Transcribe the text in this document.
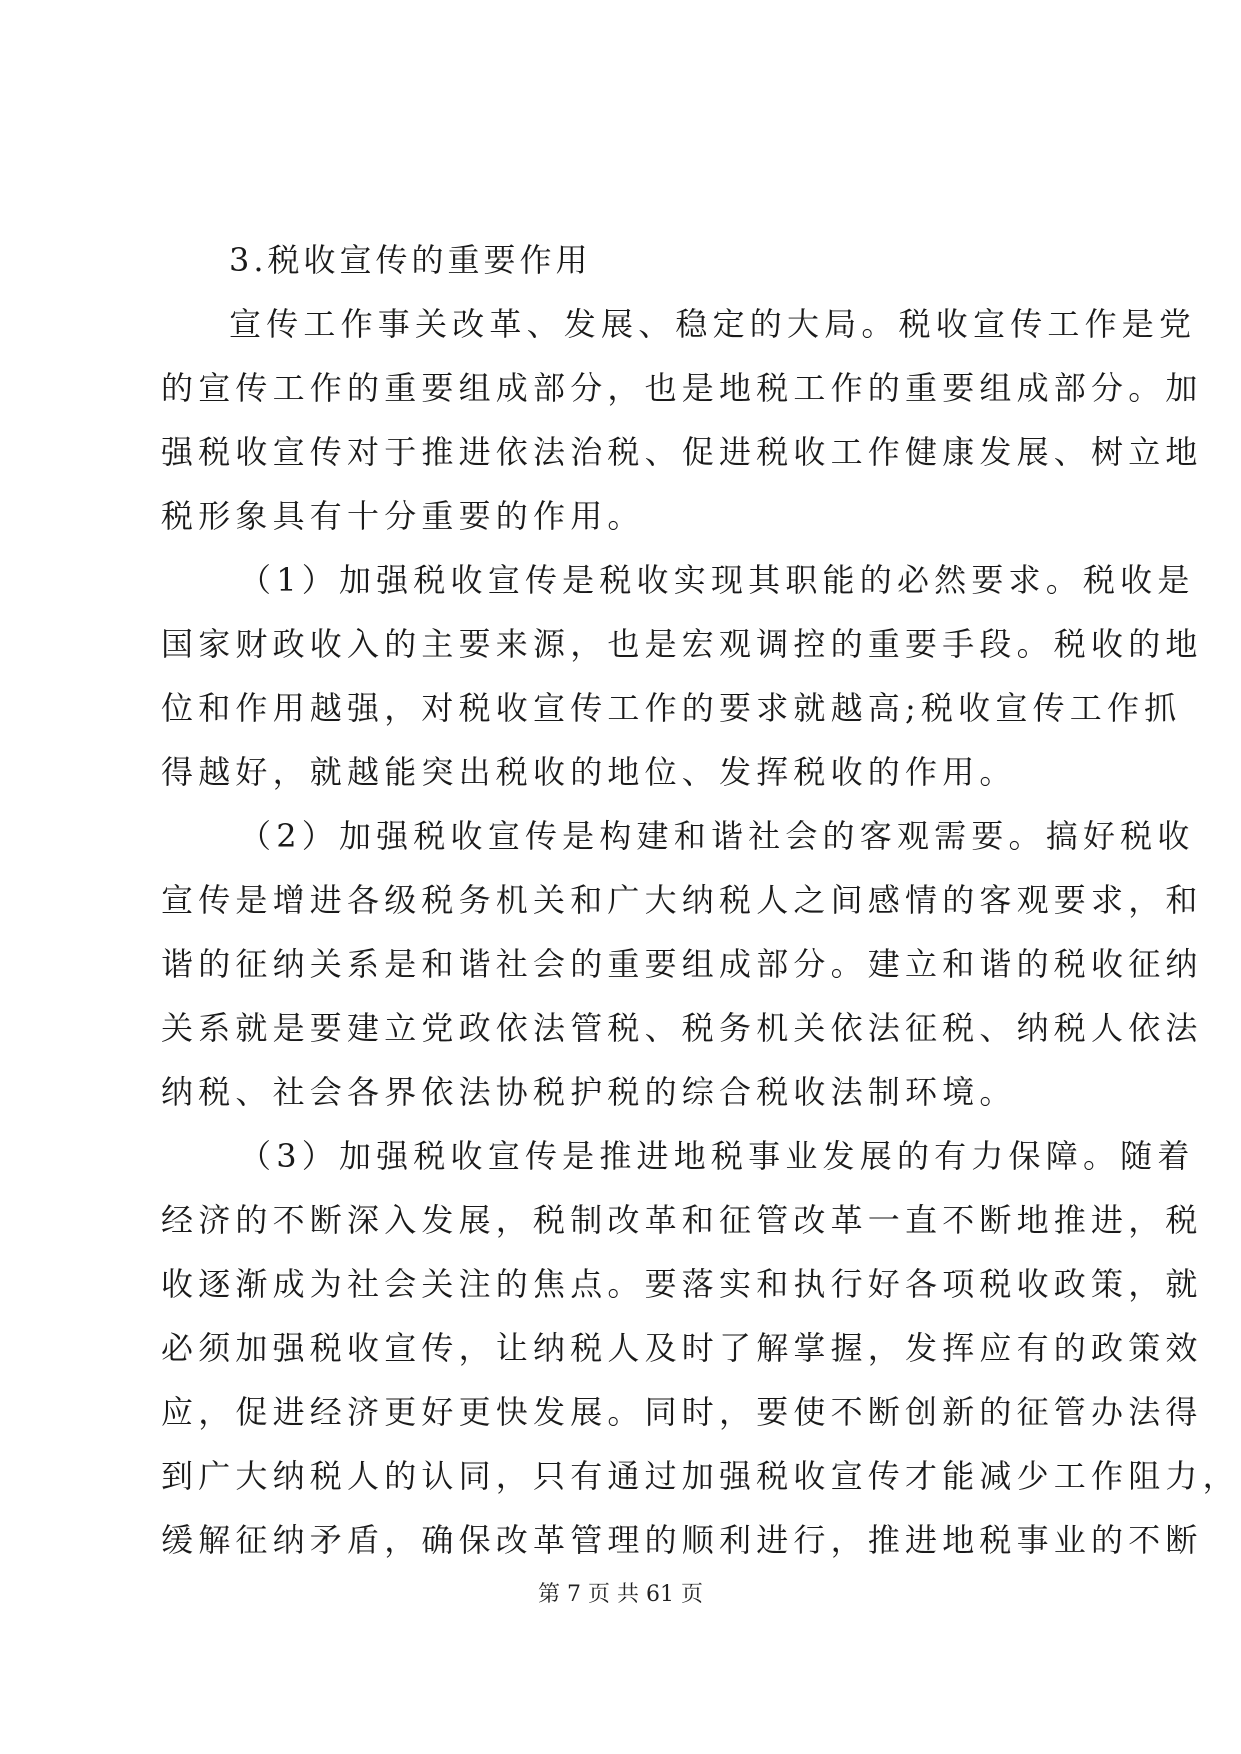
3.税收宣传的重要作用
宣传工作事关改革、发展、稳定的大局。税收宣传工作是党
的宣传工作的重要组成部分，也是地税工作的重要组成部分。加
强税收宣传对于推进依法治税、促进税收工作健康发展、树立地
税形象具有十分重要的作用。
（1）加强税收宣传是税收实现其职能的必然要求。税收是
国家财政收入的主要来源，也是宏观调控的重要手段。税收的地
位和作用越强，对税收宣传工作的要求就越高;税收宣传工作抓
得越好，就越能突出税收的地位、发挥税收的作用。
（2）加强税收宣传是构建和谐社会的客观需要。搞好税收
宣传是增进各级税务机关和广大纳税人之间感情的客观要求，和
谐的征纳关系是和谐社会的重要组成部分。建立和谐的税收征纳
关系就是要建立党政依法管税、税务机关依法征税、纳税人依法
纳税、社会各界依法协税护税的综合税收法制环境。
（3）加强税收宣传是推进地税事业发展的有力保障。随着
经济的不断深入发展，税制改革和征管改革一直不断地推进，税
收逐渐成为社会关注的焦点。要落实和执行好各项税收政策，就
必须加强税收宣传，让纳税人及时了解掌握，发挥应有的政策效
应，促进经济更好更快发展。同时，要使不断创新的征管办法得
到广大纳税人的认同，只有通过加强税收宣传才能减少工作阻力，
缓解征纳矛盾，确保改革管理的顺利进行，推进地税事业的不断
第 7 页 共 61 页
